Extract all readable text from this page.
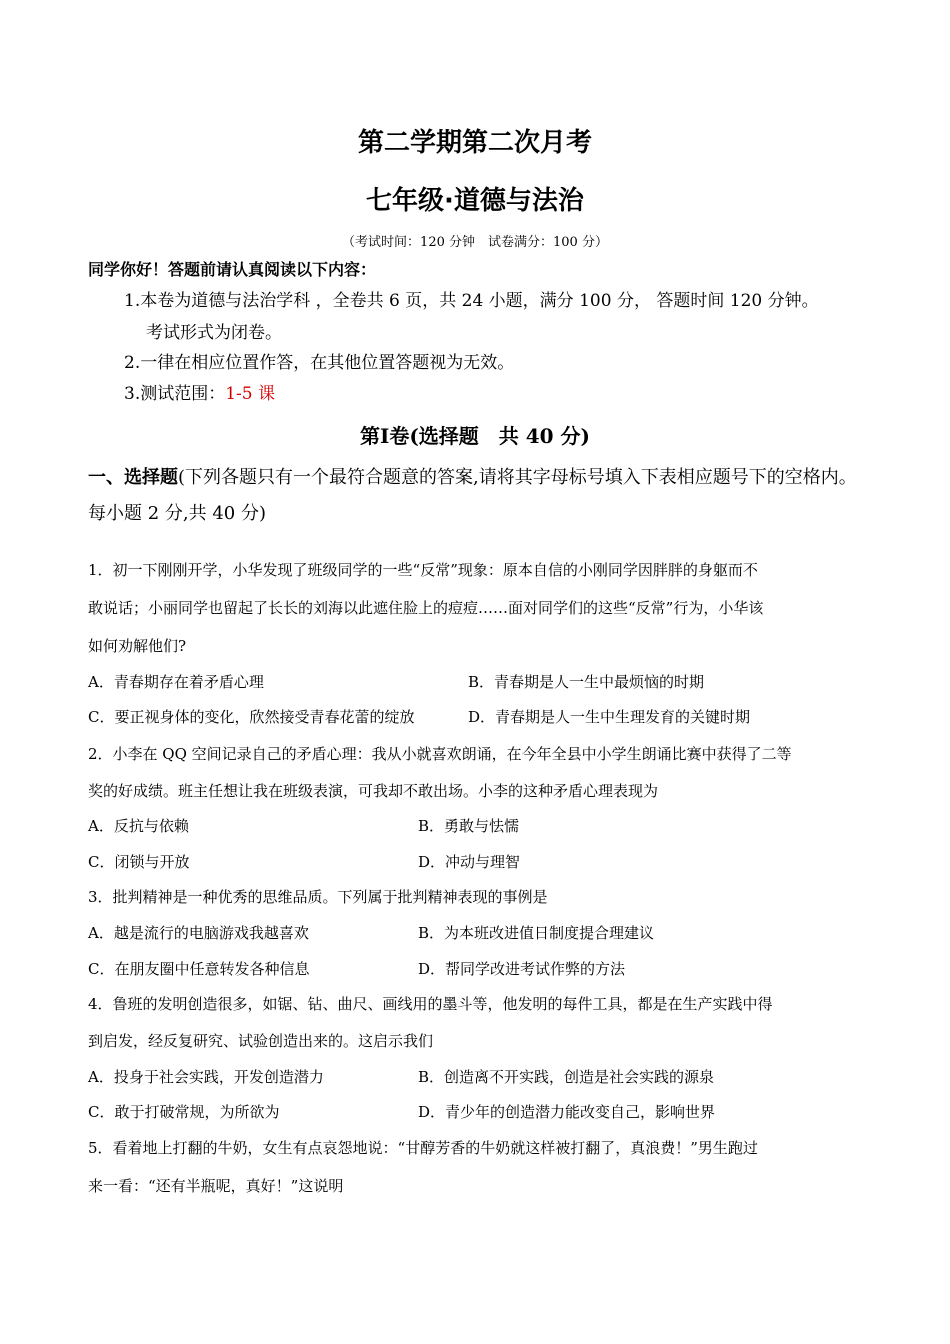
第二学期第二次月考
七年级·道德与法治
（考试时间：120 分钟　试卷满分：100 分）
同学你好！答题前请认真阅读以下内容：
1.本卷为道德与法治学科 ，全卷共 6 页，共 24 小题，满分 100 分， 答题时间 120 分钟。
考试形式为闭卷。
2.一律在相应位置作答，在其他位置答题视为无效。
3.测试范围：1-5 课
第Ⅰ卷(选择题　共 40 分)
一、选择题(下列各题只有一个最符合题意的答案,请将其字母标号填入下表相应题号下的空格内。每小题 2 分,共 40 分)
1．初一下刚刚开学，小华发现了班级同学的一些“反常”现象：原本自信的小刚同学因胖胖的身躯而不
敢说话；小丽同学也留起了长长的刘海以此遮住脸上的痘痘……面对同学们的这些“反常”行为，小华该
如何劝解他们?
A．青春期存在着矛盾心理	B．青春期是人一生中最烦恼的时期
C．要正视身体的变化，欣然接受青春花蕾的绽放	D．青春期是人一生中生理发育的关键时期
2．小李在 QQ 空间记录自己的矛盾心理：我从小就喜欢朗诵，在今年全县中小学生朗诵比赛中获得了二等
奖的好成绩。班主任想让我在班级表演，可我却不敢出场。小李的这种矛盾心理表现为
A．反抗与依赖	B．勇敢与怯懦
C．闭锁与开放	D．冲动与理智
3．批判精神是一种优秀的思维品质。下列属于批判精神表现的事例是
A．越是流行的电脑游戏我越喜欢	B．为本班改进值日制度提合理建议
C．在朋友圈中任意转发各种信息	D．帮同学改进考试作弊的方法
4．鲁班的发明创造很多，如锯、钻、曲尺、画线用的墨斗等，他发明的每件工具，都是在生产实践中得
到启发，经反复研究、试验创造出来的。这启示我们
A．投身于社会实践，开发创造潜力	B．创造离不开实践，创造是社会实践的源泉
C．敢于打破常规，为所欲为	D．青少年的创造潜力能改变自己，影响世界
5．看着地上打翻的牛奶，女生有点哀怨地说：“甘醇芳香的牛奶就这样被打翻了，真浪费！”男生跑过
来一看：“还有半瓶呢，真好！”这说明
